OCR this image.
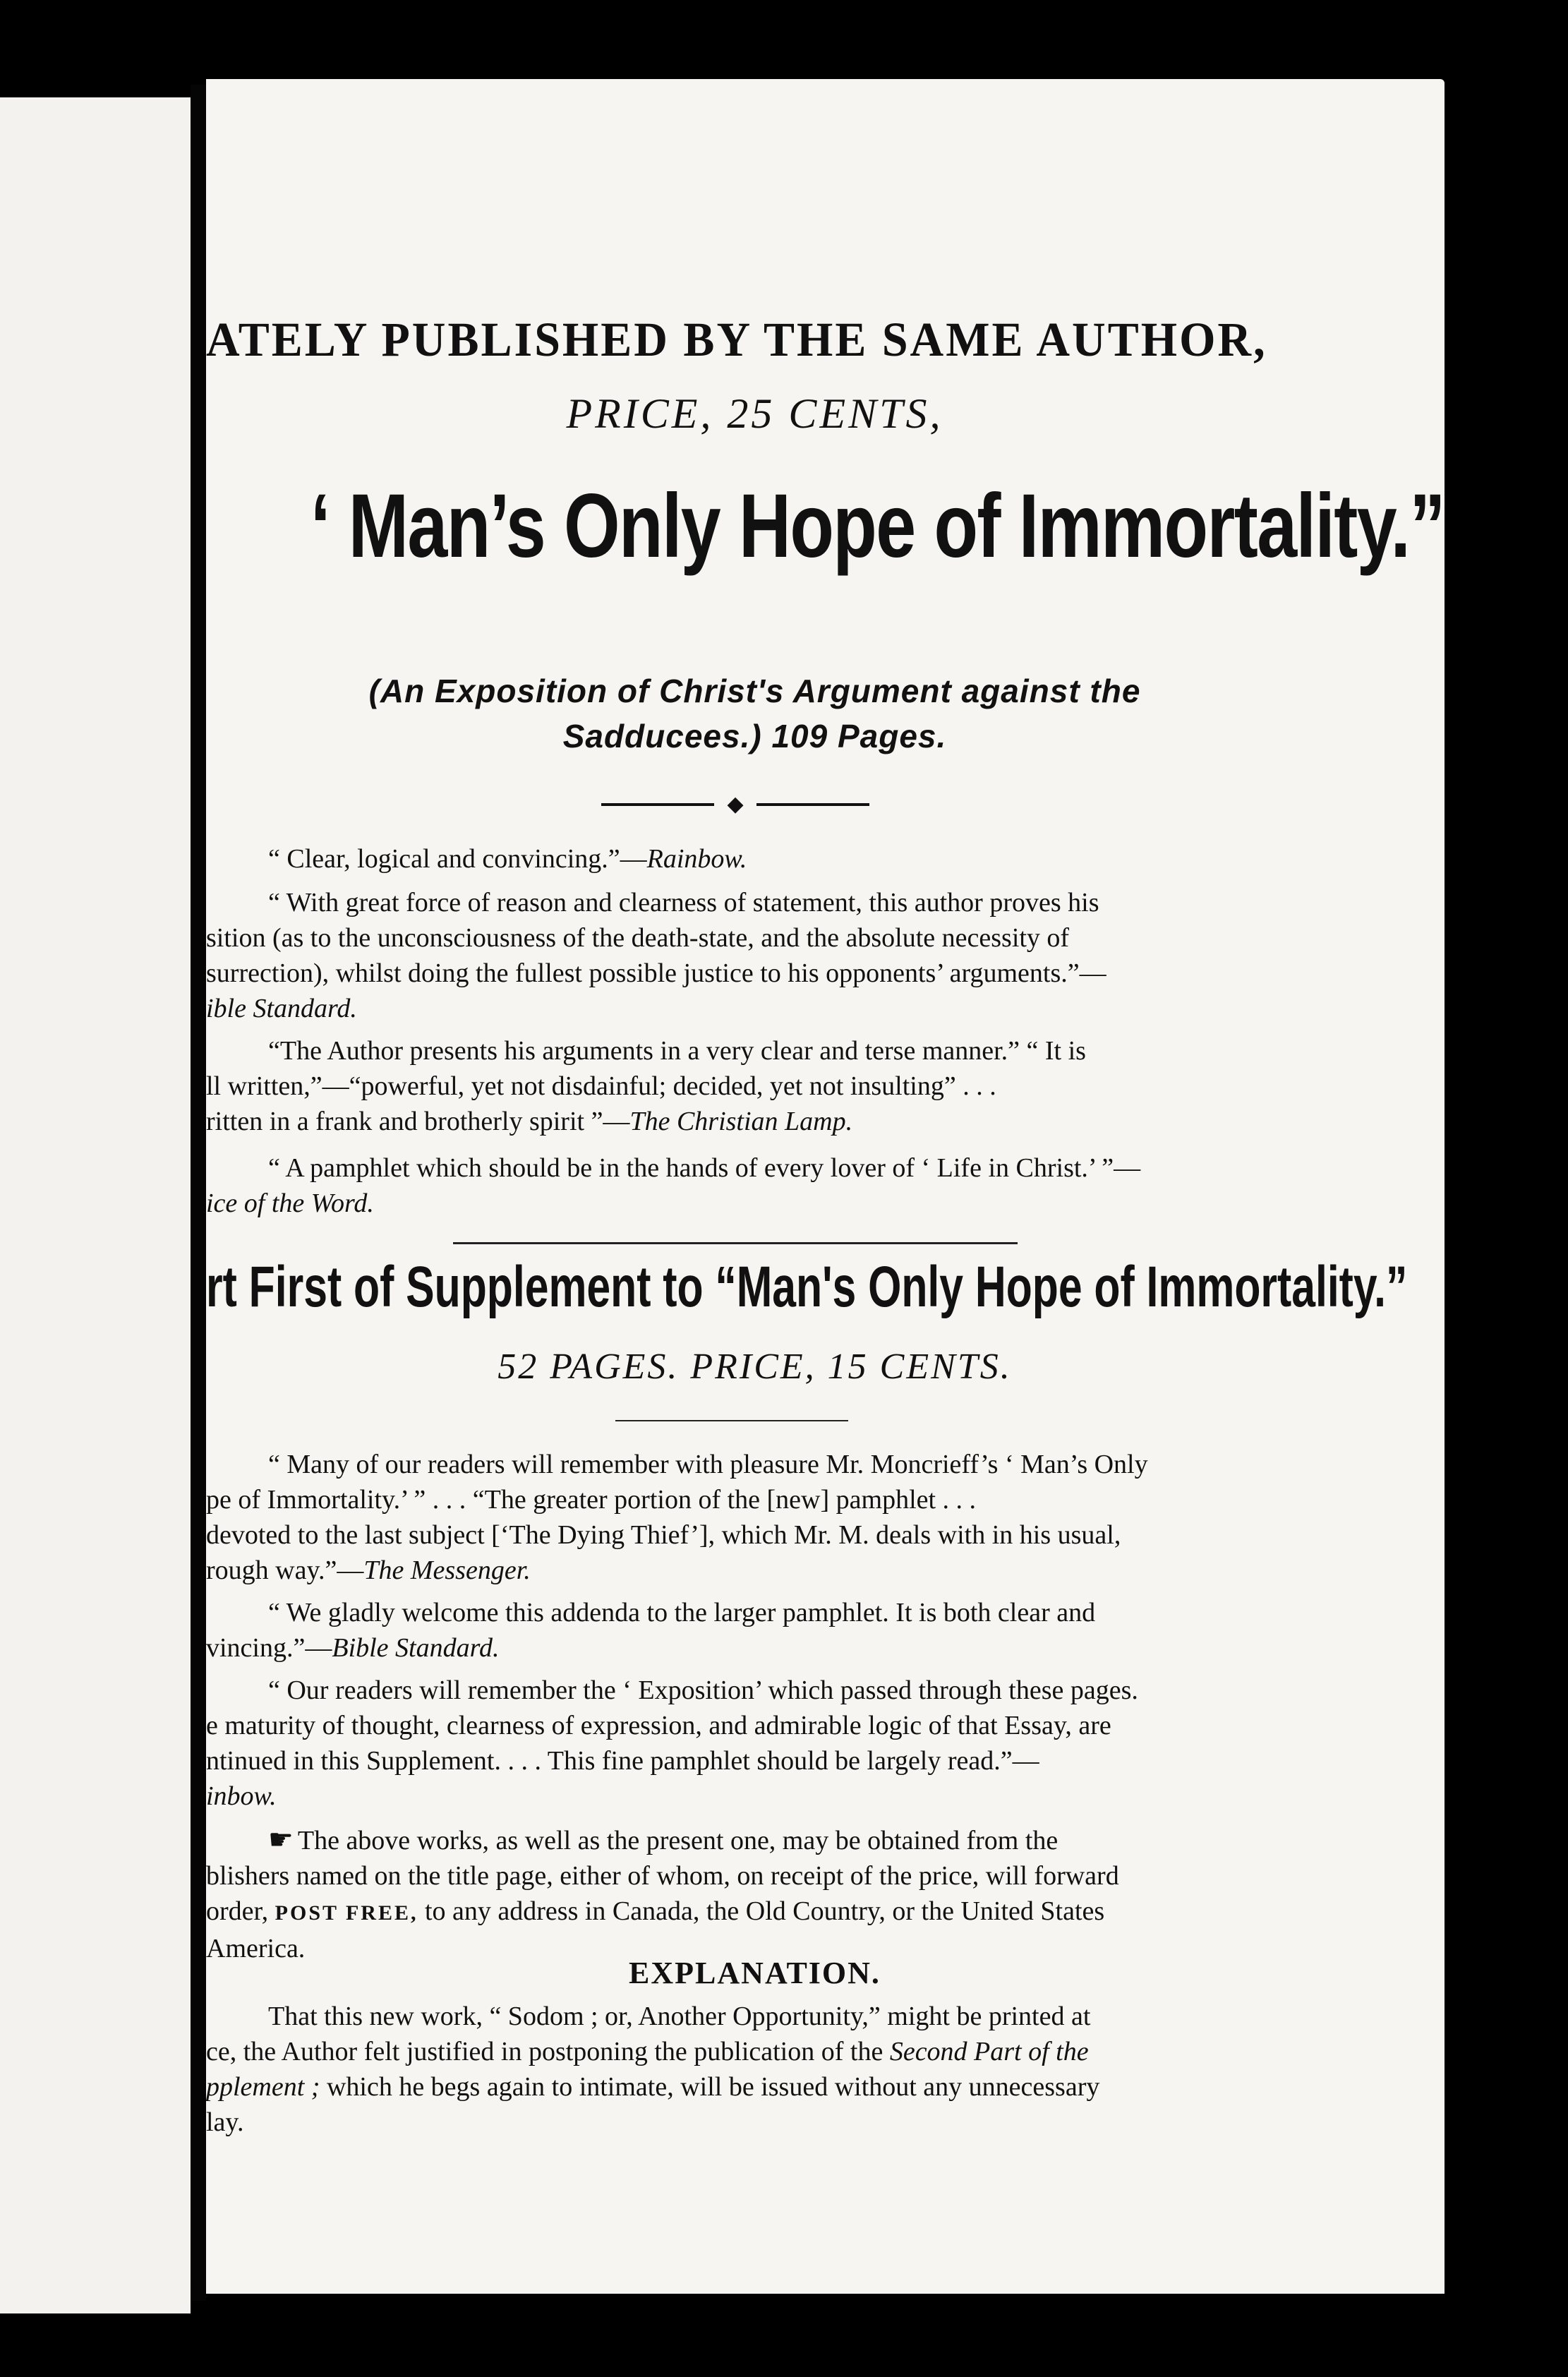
ATELY PUBLISHED BY THE SAME AUTHOR,
PRICE, 25 CENTS,
‘ Man’s Only Hope of Immortality.”
(An Exposition of Christ's Argument against the
Sadducees.) 109 Pages.
◆
“ Clear, logical and convincing.”—Rainbow.
“ With great force of reason and clearness of statement, this author proves his
sition (as to the unconsciousness of the death-state, and the absolute necessity of
surrection), whilst doing the fullest possible justice to his opponents’ arguments.”—
ible Standard.
“The Author presents his arguments in a very clear and terse manner.” “ It is
ll written,”—“powerful, yet not disdainful; decided, yet not insulting” . . .
ritten in a frank and brotherly spirit ”—The Christian Lamp.
“ A pamphlet which should be in the hands of every lover of ‘ Life in Christ.’ ”—
ice of the Word.
rt First of Supplement to “Man's Only Hope of Immortality.”
52 PAGES. PRICE, 15 CENTS.
“ Many of our readers will remember with pleasure Mr. Moncrieff’s ‘ Man’s Only
pe of Immortality.’ ” . . . “The greater portion of the [new] pamphlet . . .
devoted to the last subject [‘The Dying Thief’], which Mr. M. deals with in his usual,
rough way.”—The Messenger.
“ We gladly welcome this addenda to the larger pamphlet. It is both clear and
vincing.”—Bible Standard.
“ Our readers will remember the ‘ Exposition’ which passed through these pages.
e maturity of thought, clearness of expression, and admirable logic of that Essay, are
ntinued in this Supplement. . . . This fine pamphlet should be largely read.”—
inbow.
☛ The above works, as well as the present one, may be obtained from the
blishers named on the title page, either of whom, on receipt of the price, will forward
order, POST FREE, to any address in Canada, the Old Country, or the United States
America.
EXPLANATION.
That this new work, “ Sodom ; or, Another Opportunity,” might be printed at
ce, the Author felt justified in postponing the publication of the Second Part of the
pplement ; which he begs again to intimate, will be issued without any unnecessary
lay.
